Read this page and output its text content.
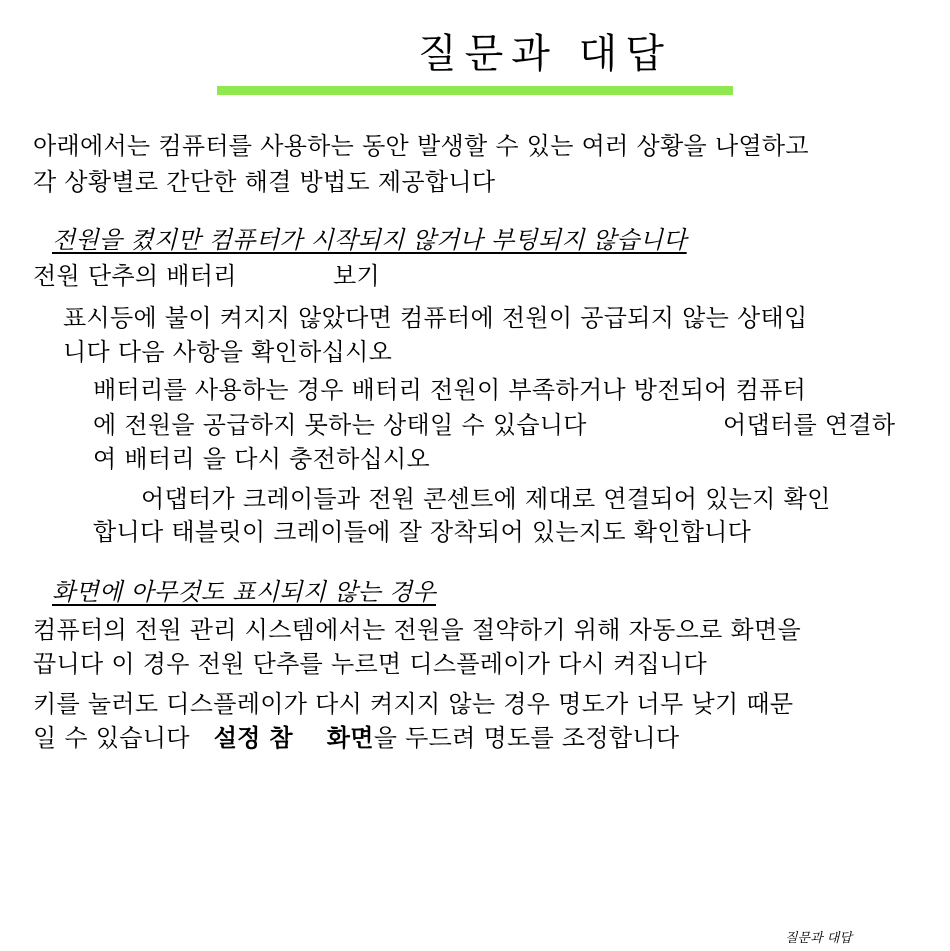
질문과 대답
아래에서는 컴퓨터를 사용하는 동안 발생할 수 있는 여러 상황을 나열하고
각 상황별로 간단한 해결 방법도 제공합니다
전원을 켰지만 컴퓨터가 시작되지 않거나 부팅되지 않습니다
전원 단추의 배터리	보기
표시등에 불이 켜지지 않았다면 컴퓨터에 전원이 공급되지 않는 상태입
니다 다음 사항을 확인하십시오
배터리를 사용하는 경우 배터리 전원이 부족하거나 방전되어 컴퓨터
에 전원을 공급하지 못하는 상태일 수 있습니다	어댑터를 연결하
여 배터리 을 다시 충전하십시오
어댑터가 크레이들과 전원 콘센트에 제대로 연결되어 있는지 확인
합니다 태블릿이 크레이들에 잘 장착되어 있는지도 확인합니다
화면에 아무것도 표시되지 않는 경우
컴퓨터의 전원 관리 시스템에서는 전원을 절약하기 위해 자동으로 화면을
끕니다 이 경우 전원 단추를 누르면 디스플레이가 다시 켜집니다
키를 눌러도 디스플레이가 다시 켜지지 않는 경우 명도가 너무 낮기 때문
일 수 있습니다 설정 참 화면을 두드려 명도를 조정합니다
질문과 대답
